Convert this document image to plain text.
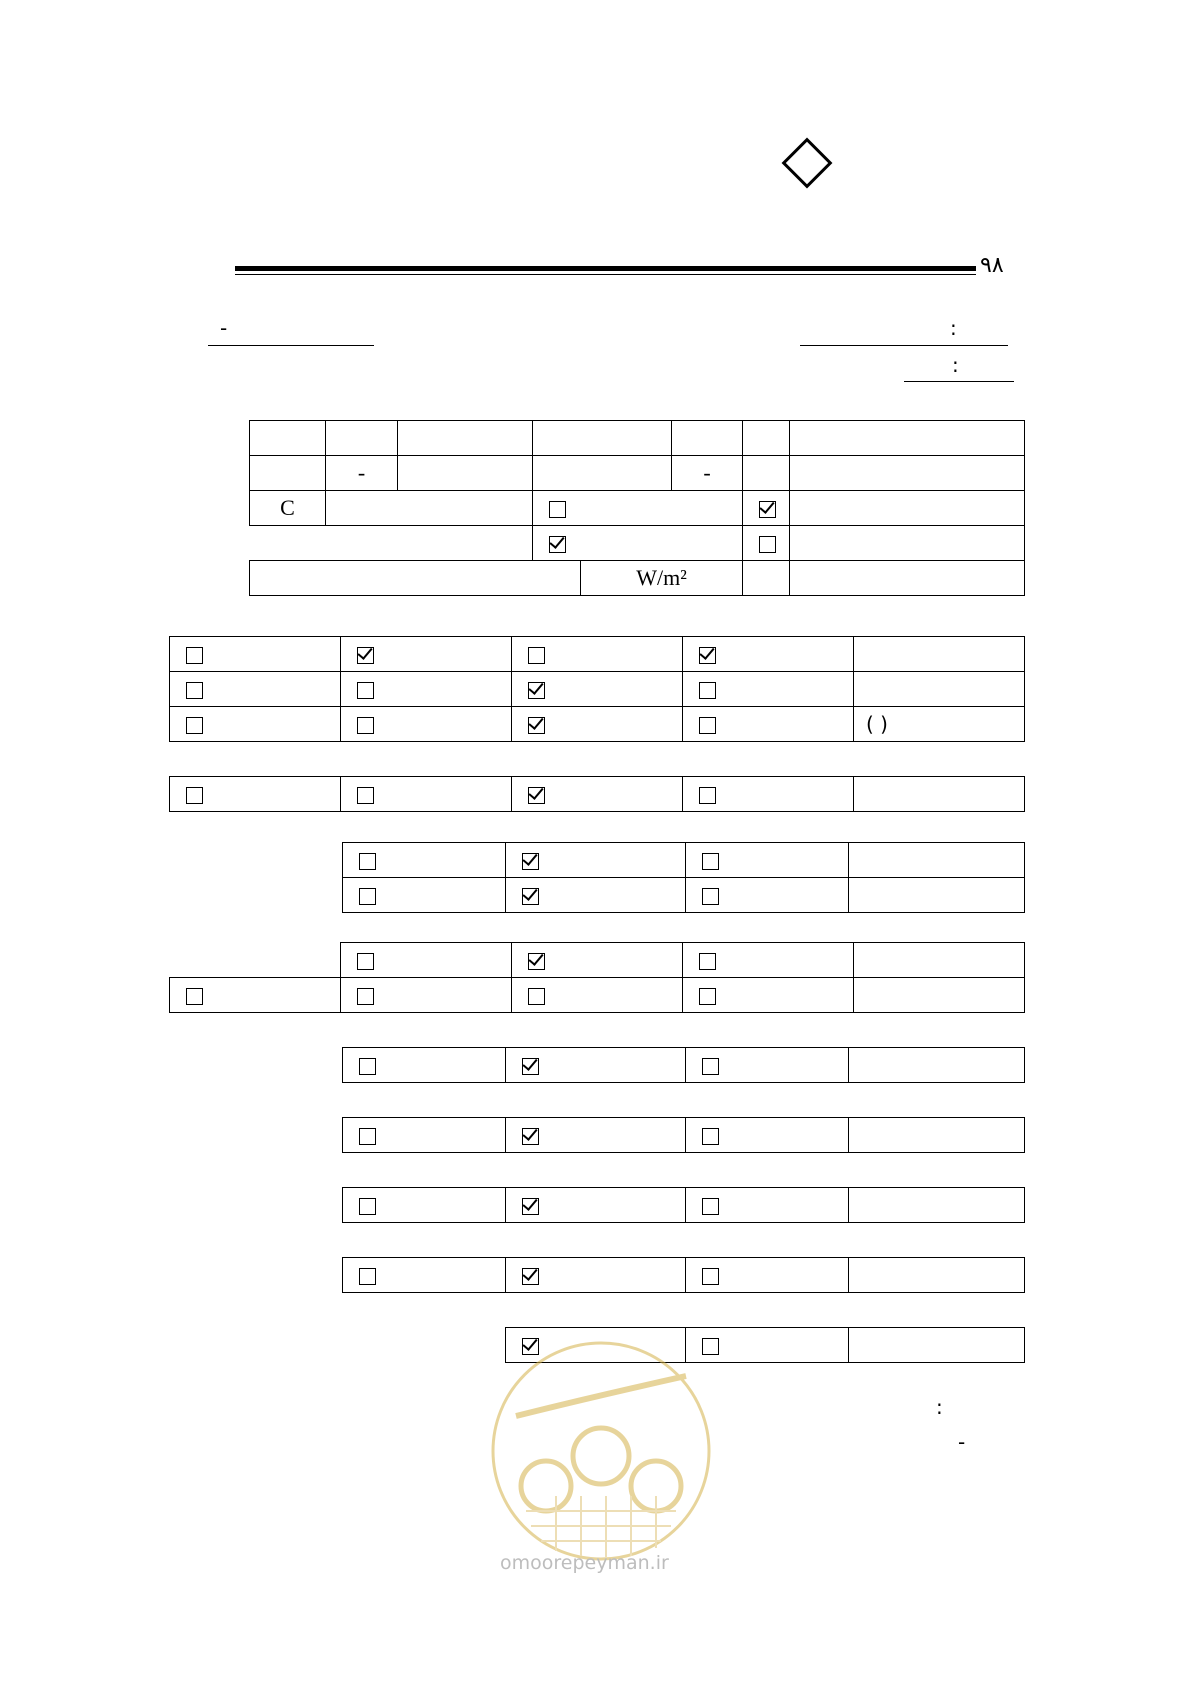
۹۸
-	:
:

	-				-		
C							

				W/m²			

				( )

:
-
omoorepeyman.ir
